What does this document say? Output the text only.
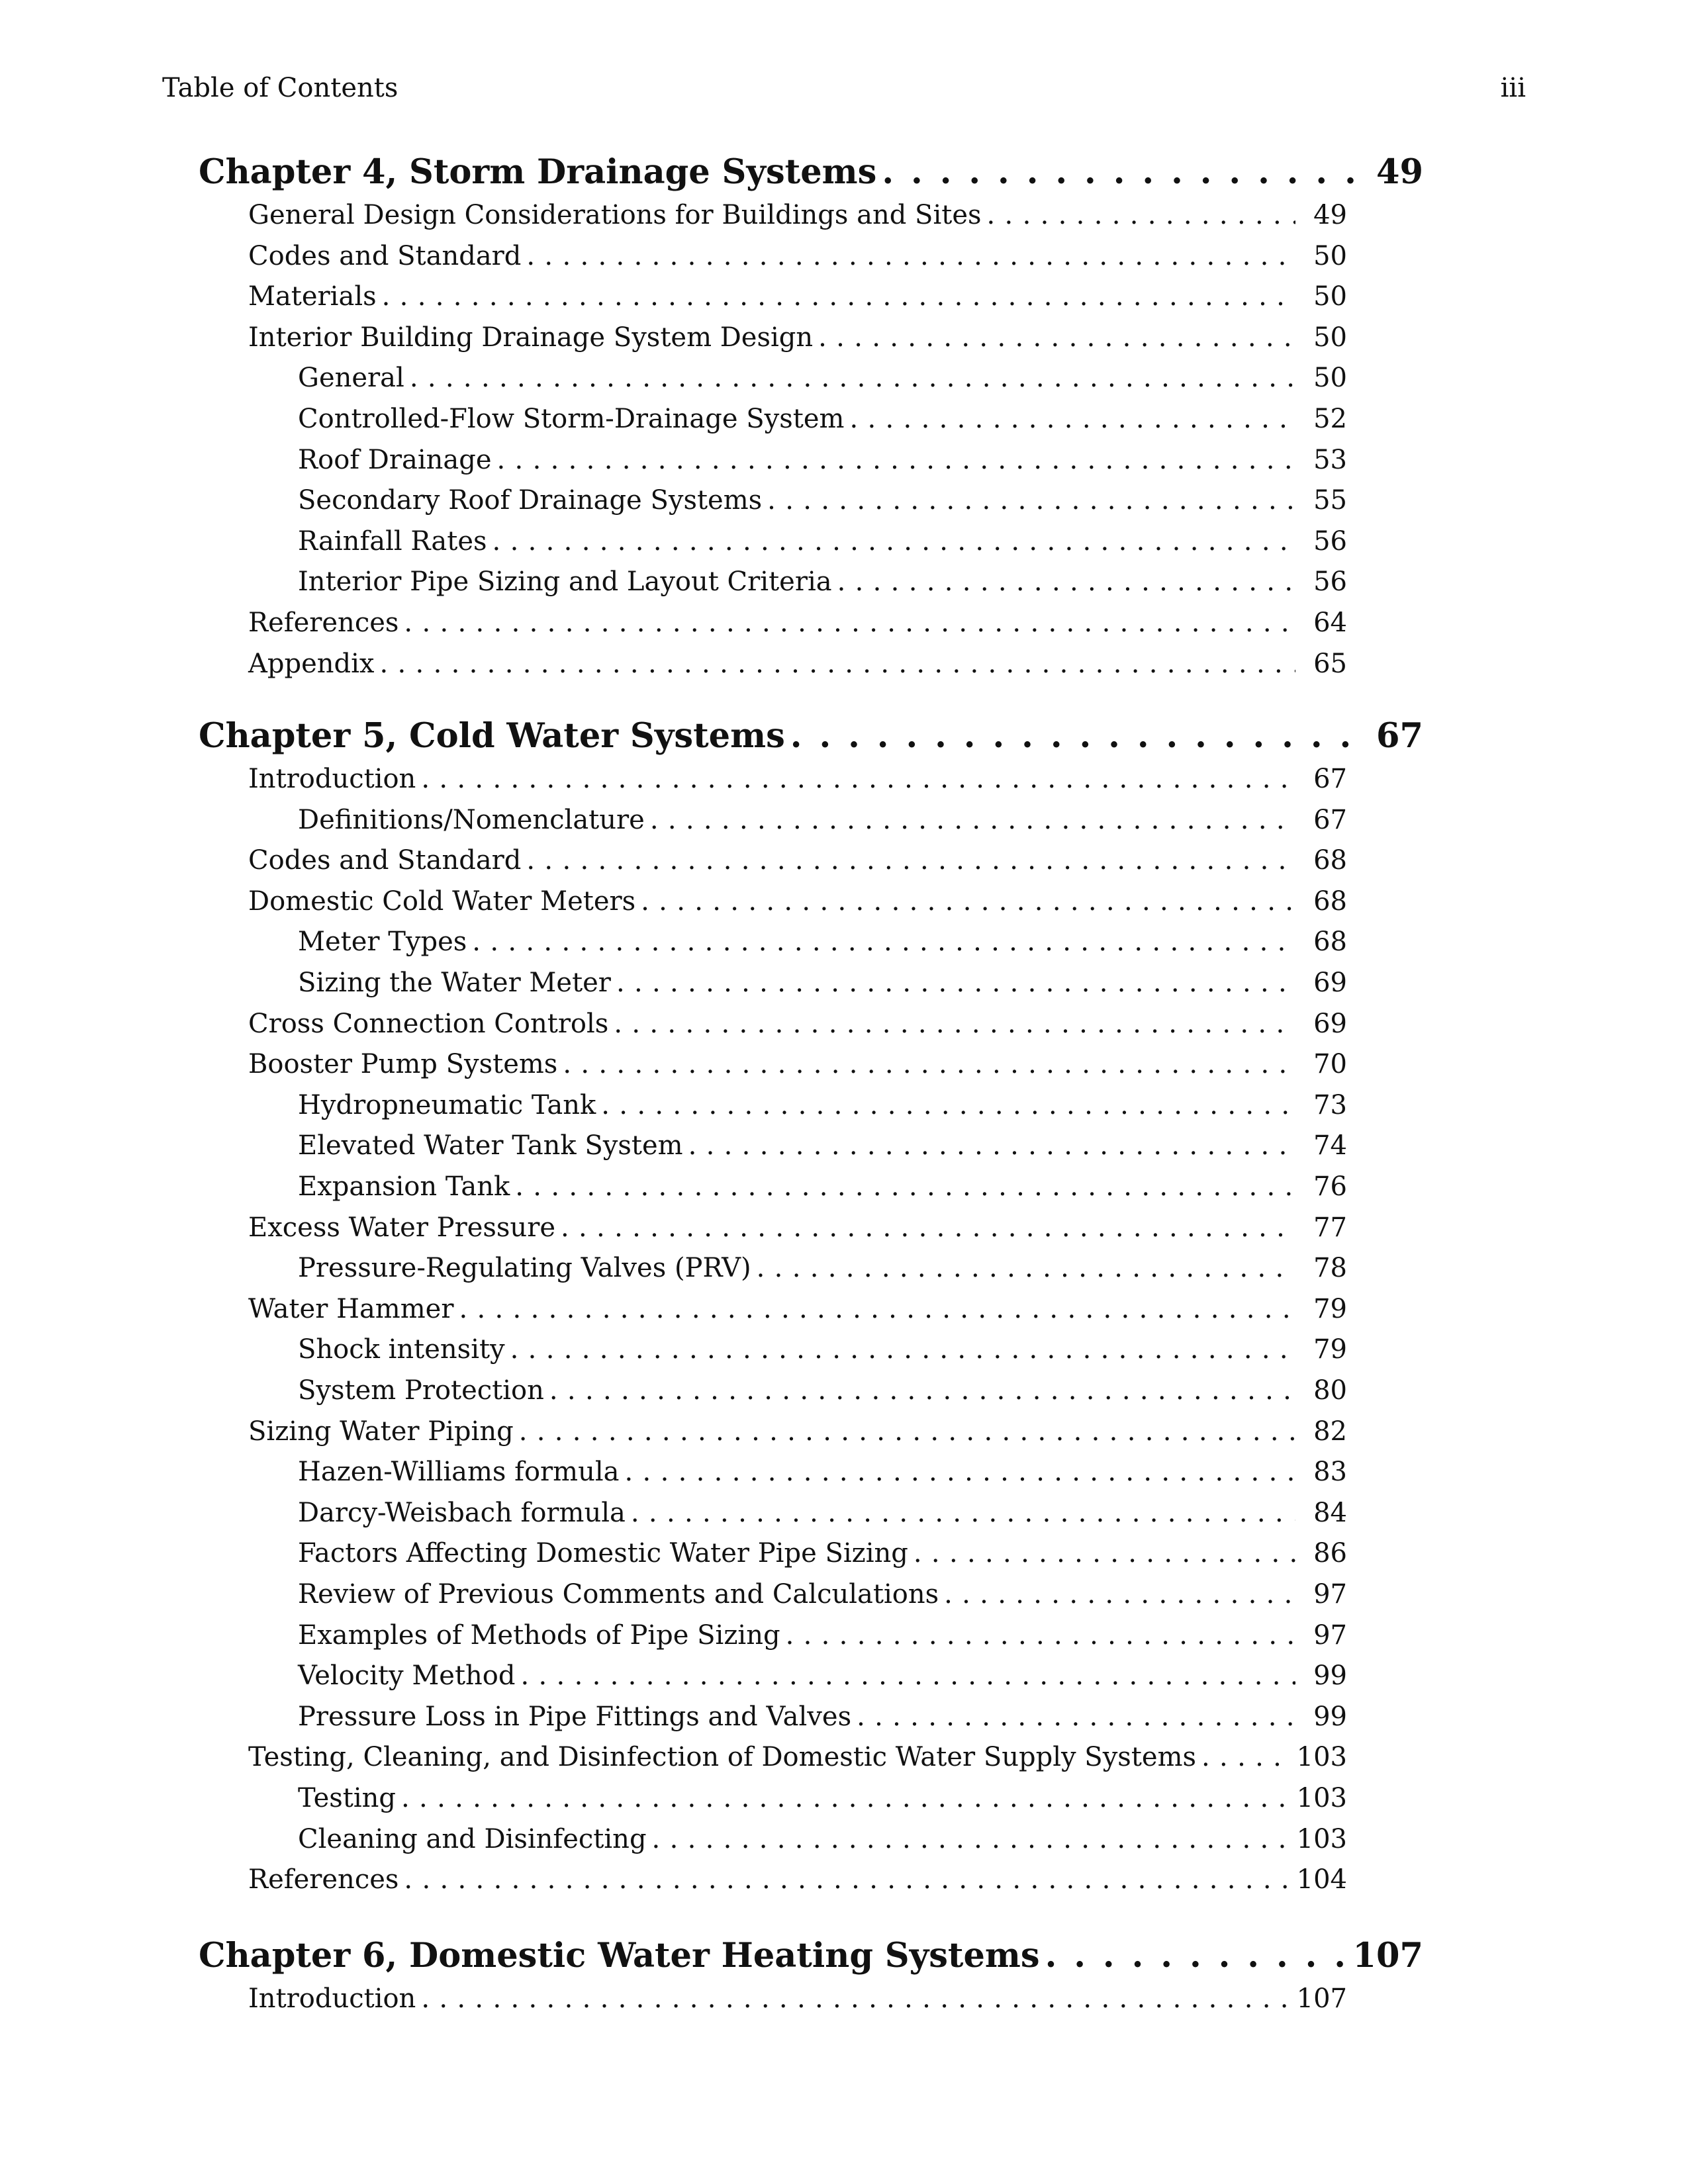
Table of Contents	iii
Chapter 4, Storm Drainage Systems . . .	49
General Design Considerations for Buildings and Sites . . .	49
Codes and Standard . . .	50
Materials . . .	50
Interior Building Drainage System Design . . .	50
General . . .	50
Controlled-Flow Storm-Drainage System . . .	52
Roof Drainage . . .	53
Secondary Roof Drainage Systems . . .	55
Rainfall Rates . . .	56
Interior Pipe Sizing and Layout Criteria . . .	56
References . . .	64
Appendix . . .	65
Chapter 5, Cold Water Systems . . .	67
Introduction . . .	67
Definitions/Nomenclature . . .	67
Codes and Standard . . .	68
Domestic Cold Water Meters . . .	68
Meter Types . . .	68
Sizing the Water Meter . . .	69
Cross Connection Controls . . .	69
Booster Pump Systems . . .	70
Hydropneumatic Tank . . .	73
Elevated Water Tank System . . .	74
Expansion Tank . . .	76
Excess Water Pressure . . .	77
Pressure-Regulating Valves (PRV) . . .	78
Water Hammer . . .	79
Shock intensity . . .	79
System Protection . . .	80
Sizing Water Piping . . .	82
Hazen-Williams formula . . .	83
Darcy-Weisbach formula . . .	84
Factors Affecting Domestic Water Pipe Sizing . . .	86
Review of Previous Comments and Calculations . . .	97
Examples of Methods of Pipe Sizing . . .	97
Velocity Method . . .	99
Pressure Loss in Pipe Fittings and Valves . . .	99
Testing, Cleaning, and Disinfection of Domestic Water Supply Systems . . .	103
Testing . . .	103
Cleaning and Disinfecting . . .	103
References . . .	104
Chapter 6, Domestic Water Heating Systems . . .	107
Introduction . . .	107
